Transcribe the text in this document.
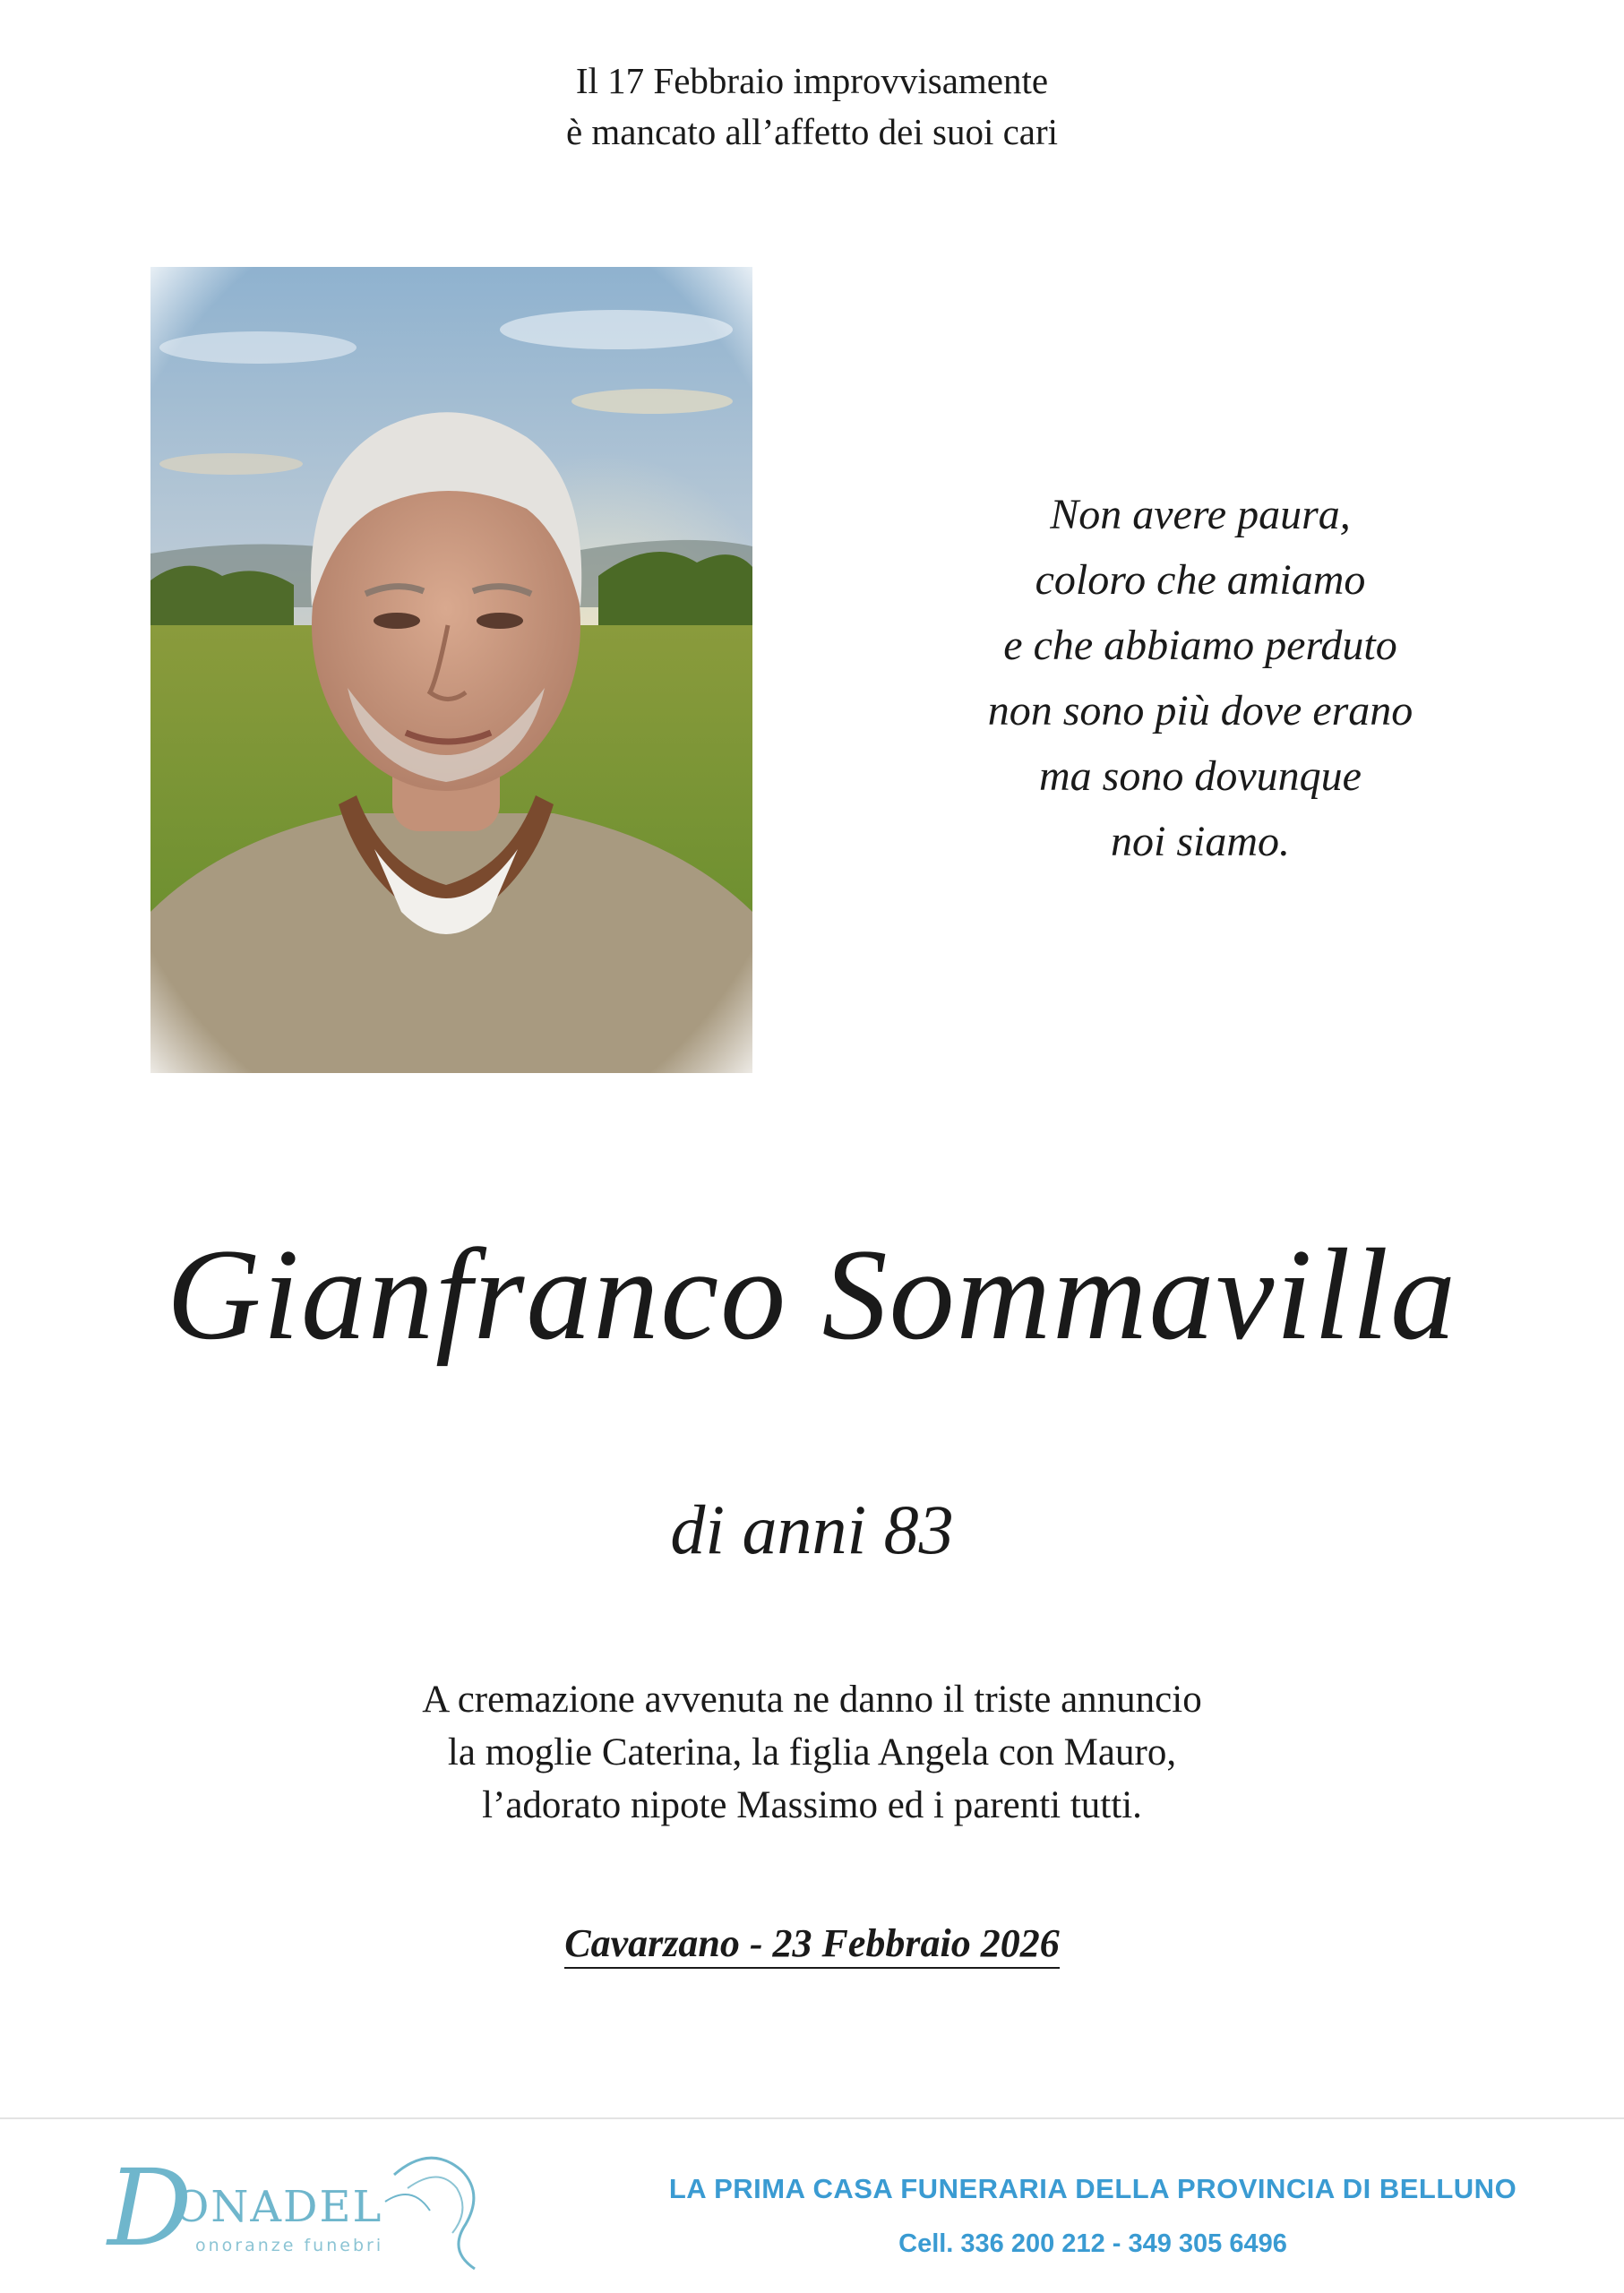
Il 17 Febbraio improvvisamente
è mancato all’affetto dei suoi cari
Non avere paura,
coloro che amiamo
e che abbiamo perduto
non sono più dove erano
ma sono dovunque
noi siamo.
Gianfranco Sommavilla
di anni 83
A cremazione avvenuta ne danno il triste annuncio
la moglie Caterina, la figlia Angela con Mauro,
l’adorato nipote Massimo ed i parenti tutti.
Cavarzano - 23 Febbraio 2026
D
ONADEL
onoranze funebri
LA PRIMA CASA FUNERARIA DELLA PROVINCIA DI BELLUNO
Cell. 336 200 212 - 349 305 6496
